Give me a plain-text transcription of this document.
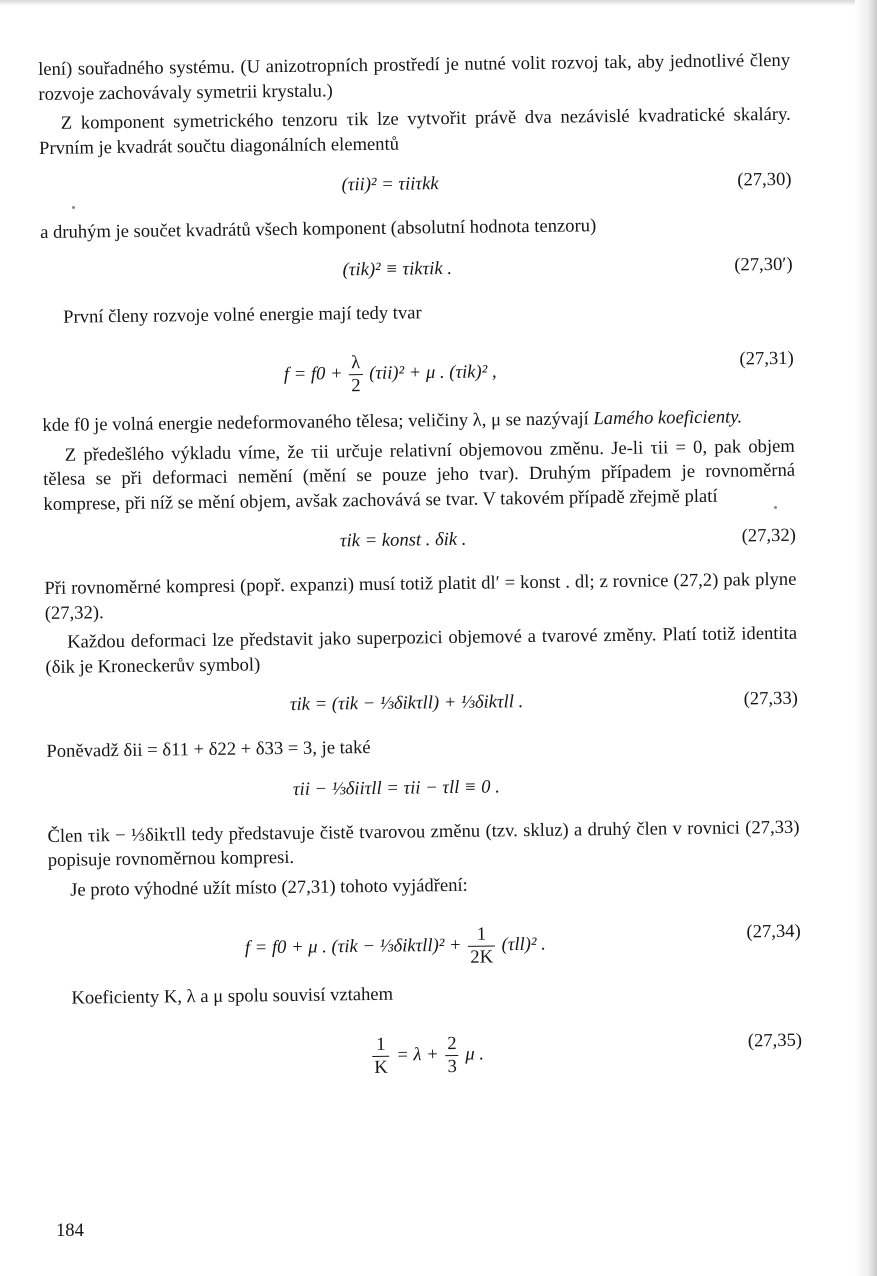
lení) souřadného systému. (U anizotropních prostředí je nutné volit rozvoj tak, aby jednotlivé členy rozvoje zachovávaly symetrii krystalu.)

Z komponent symetrického tenzoru τik lze vytvořit právě dva nezávislé kvadratické skaláry. Prvním je kvadrát součtu diagonálních elementů

(τii)² = τiiτkk	(27,30)

a druhým je součet kvadrátů všech komponent (absolutní hodnota tenzoru)

(τik)² ≡ τikτik .	(27,30′)

První členy rozvoje volné energie mají tedy tvar

$f = f0 + \frac{\lambda}{2} (\tau ii)^2 + \mu$ . (τik)² ,
(27,31)

kde f0 je volná energie nedeformovaného tělesa; veličiny λ, μ se nazývají Lamého koeficienty.

Z předešlého výkladu víme, že τii určuje relativní objemovou změnu. Je-li τii = 0, pak objem tělesa se při deformaci nemění (mění se pouze jeho tvar). Druhým případem je rovnoměrná komprese, při níž se mění objem, avšak zachovává se tvar. V takovém případě zřejmě platí

τik = konst . δik .	(27,32)

Při rovnoměrné kompresi (popř. expanzi) musí totiž platit dl′ = konst . dl; z rovnice (27,2) pak plyne (27,32).

Každou deformaci lze představit jako superpozici objemové a tvarové změny. Platí totiž identita (δik je Kroneckerův symbol)

τik = (τik − ⅓δikτll) + ⅓δikτll .	(27,33)

Poněvadž δii = δ11 + δ22 + δ33 = 3, je také

τii − ⅓δiiτll = τii − τll ≡ 0 .

Člen τik − ⅓δikτll tedy představuje čistě tvarovou změnu (tzv. skluz) a druhý člen v rovnici (27,33) popisuje rovnoměrnou kompresi.

Je proto výhodné užít místo (27,31) tohoto vyjádření:

f = f0 + μ . (τik − ⅓δikτll)² + $\frac{1}{2K} (\tau ll)^2$ .
(27,34)

Koeficienty K, λ a μ spolu souvisí vztahem

$\frac{1}{K} = \lambda + \frac{2}{3}$ μ .
(27,35)
184
